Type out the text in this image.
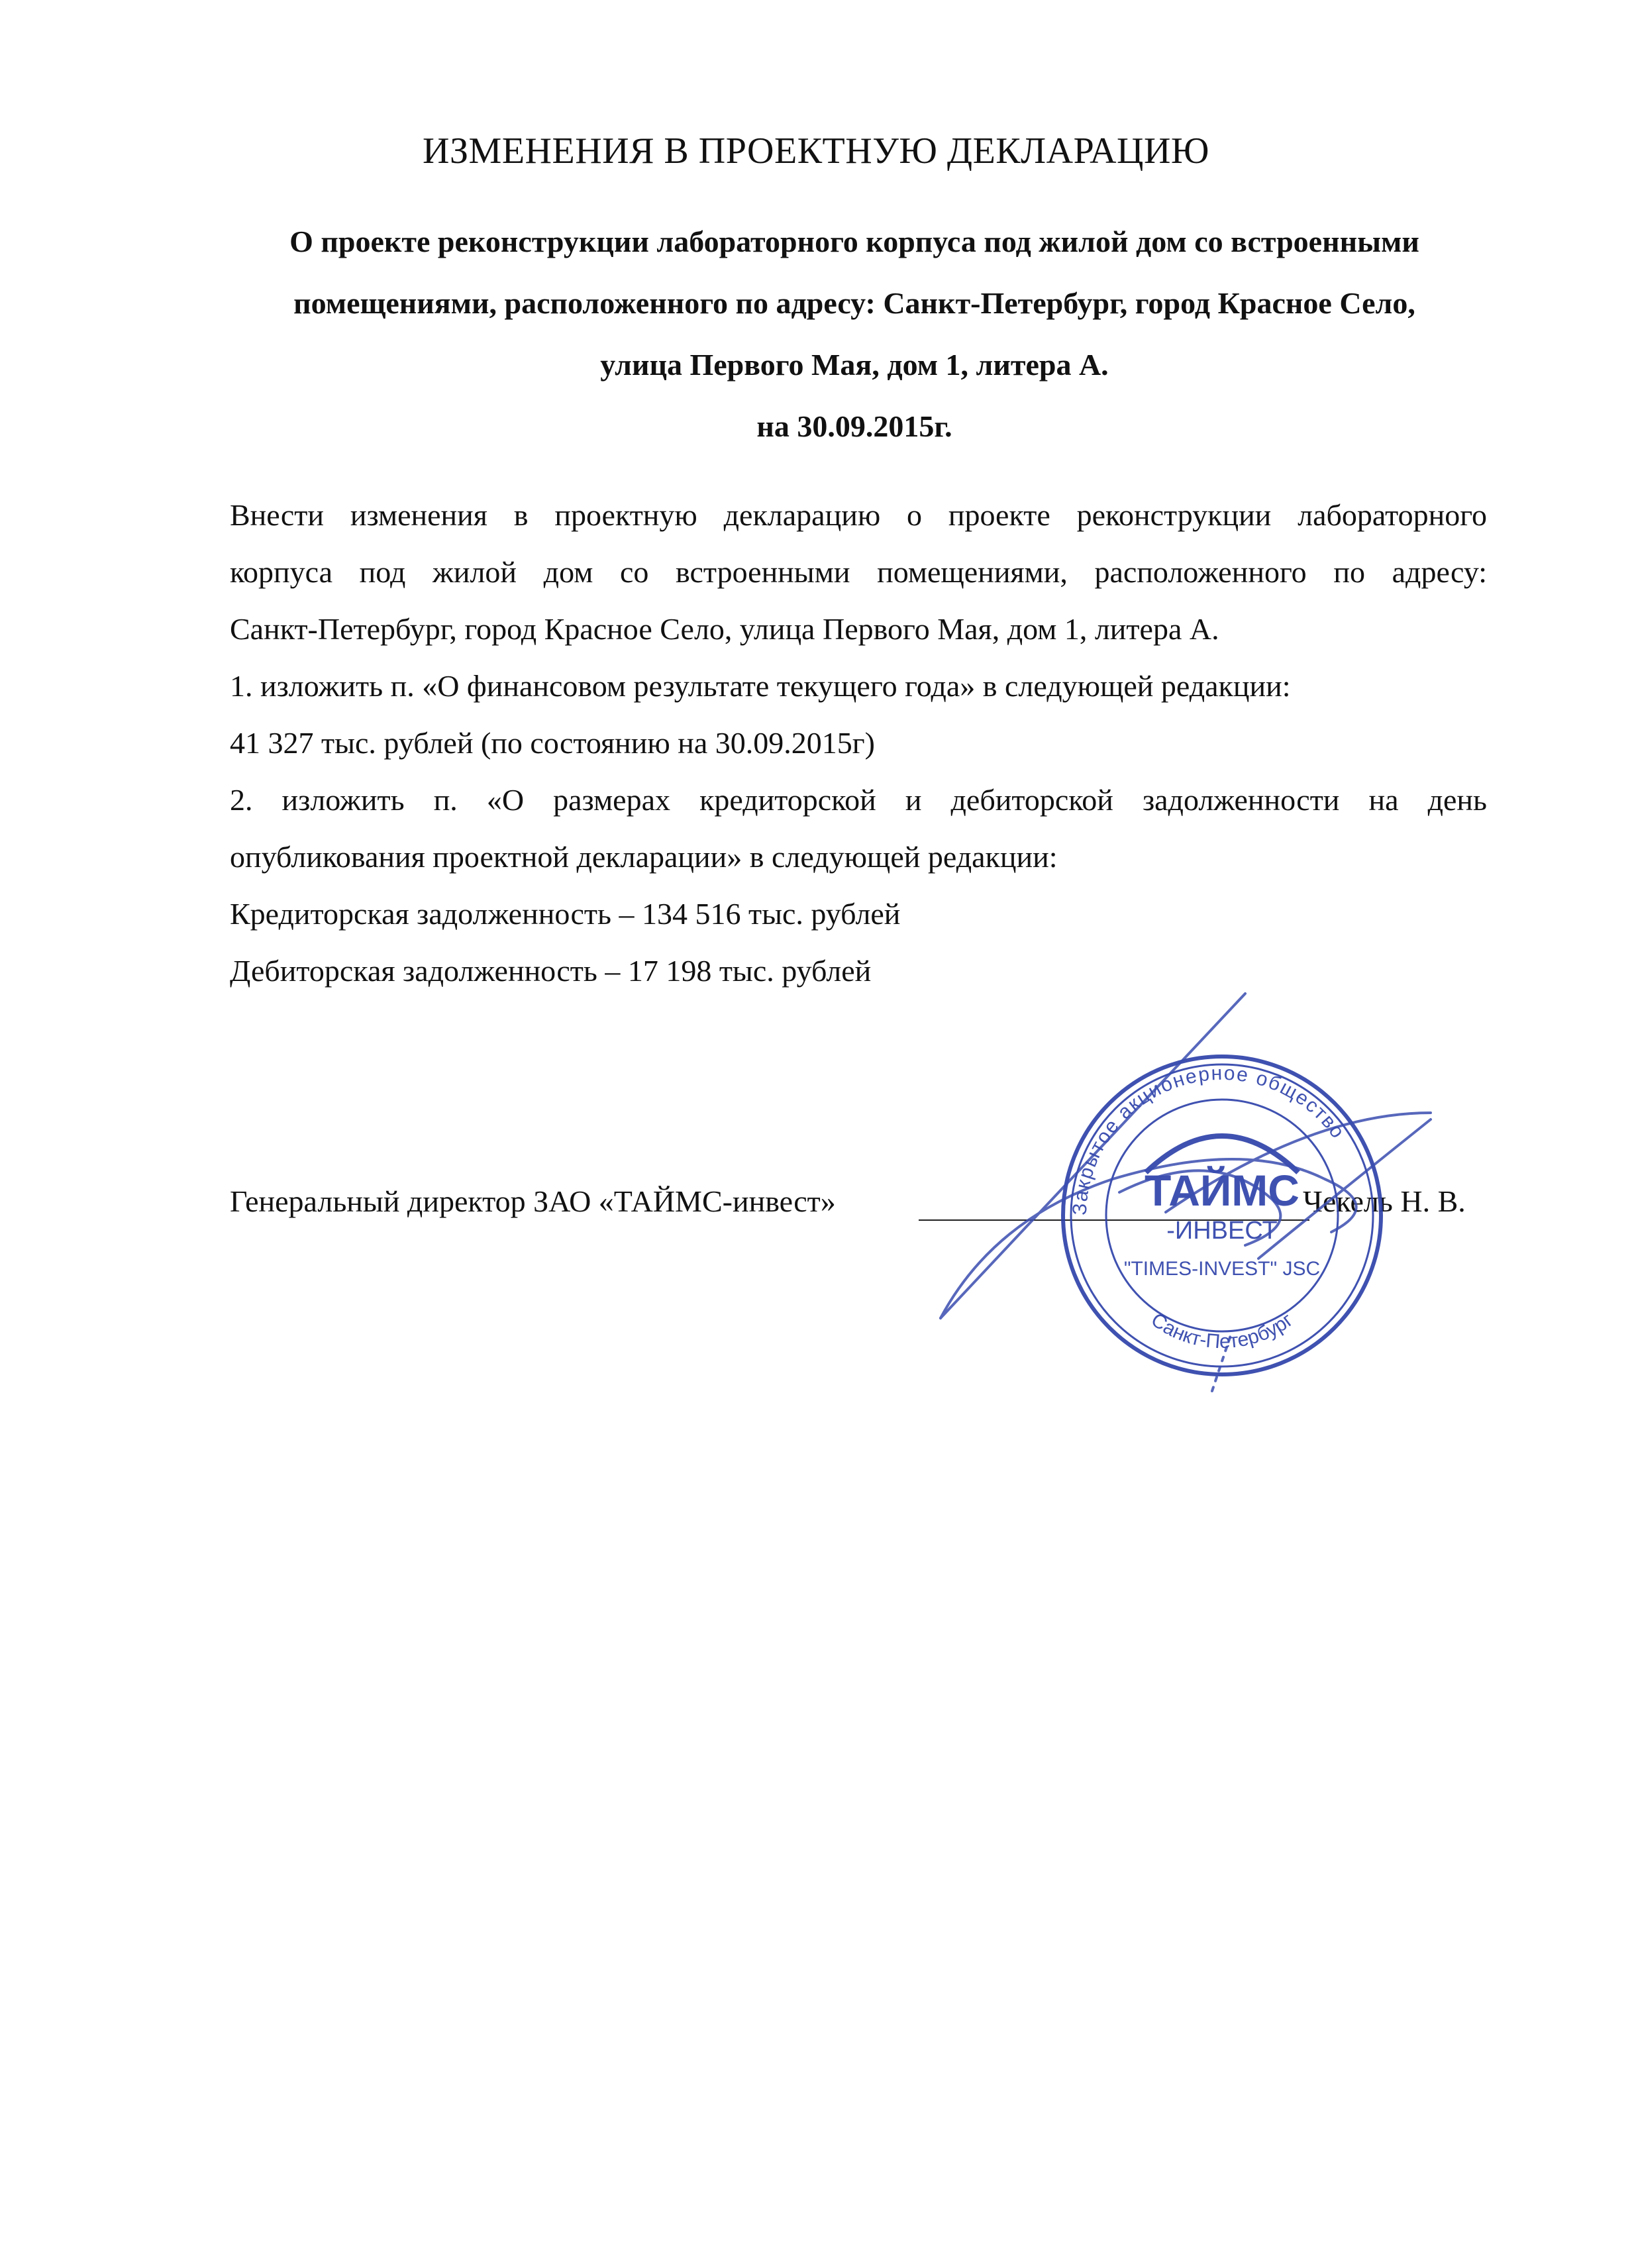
ИЗМЕНЕНИЯ В ПРОЕКТНУЮ ДЕКЛАРАЦИЮ
О проекте реконструкции лабораторного корпуса под жилой дом со встроенными
помещениями, расположенного по адресу: Санкт-Петербург, город Красное Село,
улица Первого Мая, дом 1, литера А.
на 30.09.2015г.
Внести изменения в проектную декларацию о проекте реконструкции лабораторного
корпуса под жилой дом со встроенными помещениями, расположенного по адресу:
Санкт-Петербург, город Красное Село, улица Первого Мая, дом 1, литера А.
1. изложить п. «О финансовом результате текущего года» в следующей редакции:
41 327 тыс. рублей (по состоянию на 30.09.2015г)
2. изложить п. «О размерах кредиторской и дебиторской задолженности на день
опубликования проектной декларации» в следующей редакции:
Кредиторская задолженность – 134 516 тыс. рублей
Дебиторская задолженность – 17 198 тыс. рублей
Генеральный директор ЗАО «ТАЙМС-инвест»	Чекель Н. В.
Закрытое акционерное общество
ТАЙМС
-ИНВЕСТ
"TIMES-INVEST" JSC
Санкт-Петербург
